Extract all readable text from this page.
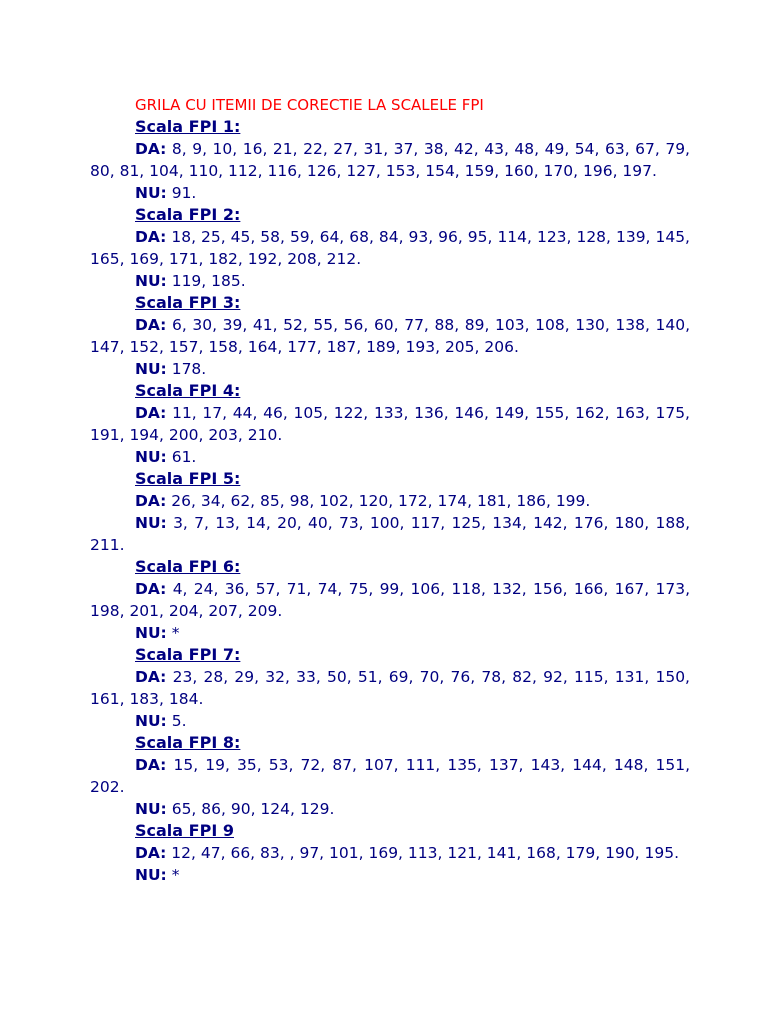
GRILA CU ITEMII DE CORECTIE LA SCALELE FPI
Scala FPI 1:
DA: 8, 9, 10, 16, 21, 22, 27, 31, 37, 38, 42, 43, 48, 49, 54, 63, 67, 79, 80, 81, 104, 110, 112, 116, 126, 127, 153, 154, 159, 160, 170, 196, 197.
NU: 91.
Scala FPI 2:
DA: 18, 25, 45, 58, 59, 64, 68, 84, 93, 96, 95, 114, 123, 128, 139, 145, 165, 169, 171, 182, 192, 208, 212.
NU: 119, 185.
Scala FPI 3:
DA: 6, 30, 39, 41, 52, 55, 56, 60, 77, 88, 89, 103, 108, 130, 138, 140, 147, 152, 157, 158, 164, 177, 187, 189, 193, 205, 206.
NU: 178.
Scala FPI 4:
DA: 11, 17, 44, 46, 105, 122, 133, 136, 146, 149, 155, 162, 163, 175, 191, 194, 200, 203, 210.
NU: 61.
Scala FPI 5:
DA: 26, 34, 62, 85, 98, 102, 120, 172, 174, 181, 186, 199.
NU: 3, 7, 13, 14, 20, 40, 73, 100, 117, 125, 134, 142, 176, 180, 188, 211.
Scala FPI 6:
DA: 4, 24, 36, 57, 71, 74, 75, 99, 106, 118, 132, 156, 166, 167, 173, 198, 201, 204, 207, 209.
NU: *
Scala FPI 7:
DA: 23, 28, 29, 32, 33, 50, 51, 69, 70, 76, 78, 82, 92, 115, 131, 150, 161, 183, 184.
NU: 5.
Scala FPI 8:
DA: 15, 19, 35, 53, 72, 87, 107, 111, 135, 137, 143, 144, 148, 151, 202.
NU: 65, 86, 90, 124, 129.
Scala FPI 9
DA: 12, 47, 66, 83, , 97, 101, 169, 113, 121, 141, 168, 179, 190, 195.
NU: *
